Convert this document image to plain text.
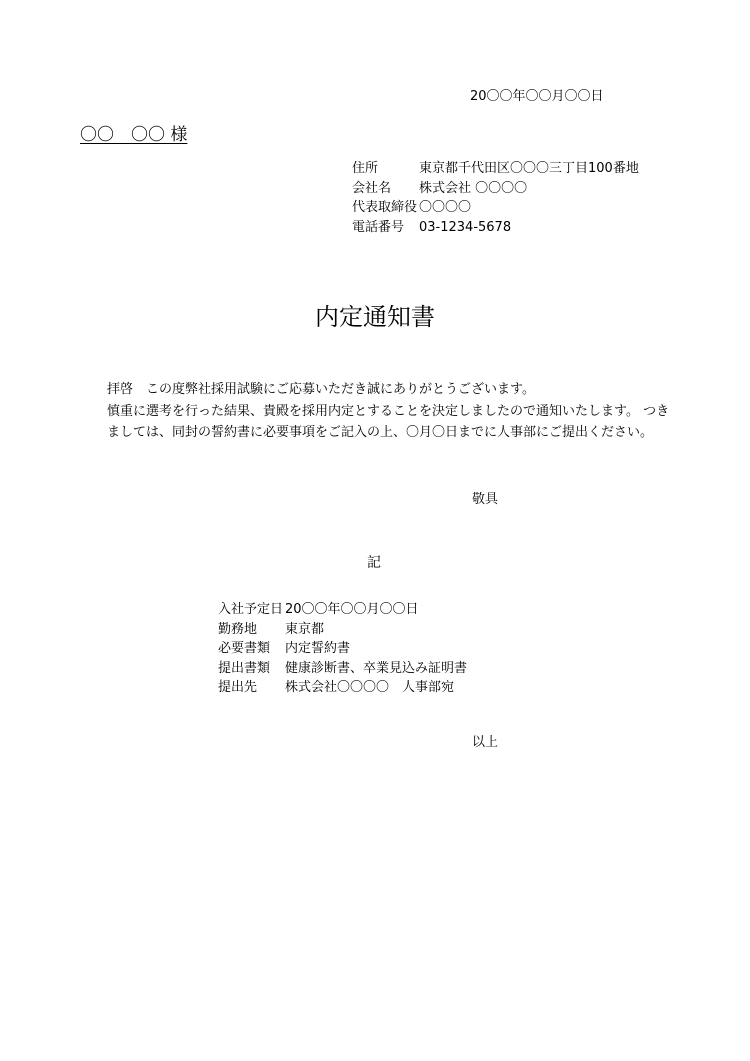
20〇〇年〇〇月〇〇日
〇〇　〇〇 様
住所	東京都千代田区〇〇〇三丁目100番地
会社名	株式会社 〇〇〇〇
代表取締役 〇〇〇〇
電話番号	03-1234-5678
内定通知書

拝啓　この度弊社採用試験にご応募いただき誠にありがとうございます。

慎重に選考を行った結果、貴殿を採用内定とすることを決定しましたので通知いたします。 つき

ましては、同封の誓約書に必要事項をご記入の上、〇月〇日までに人事部にご提出ください。

敬具
記
入社予定日 20〇〇年〇〇月〇〇日
勤務地	東京都
必要書類	内定誓約書
提出書類	健康診断書、卒業見込み証明書
提出先	株式会社〇〇〇〇　人事部宛
以上
